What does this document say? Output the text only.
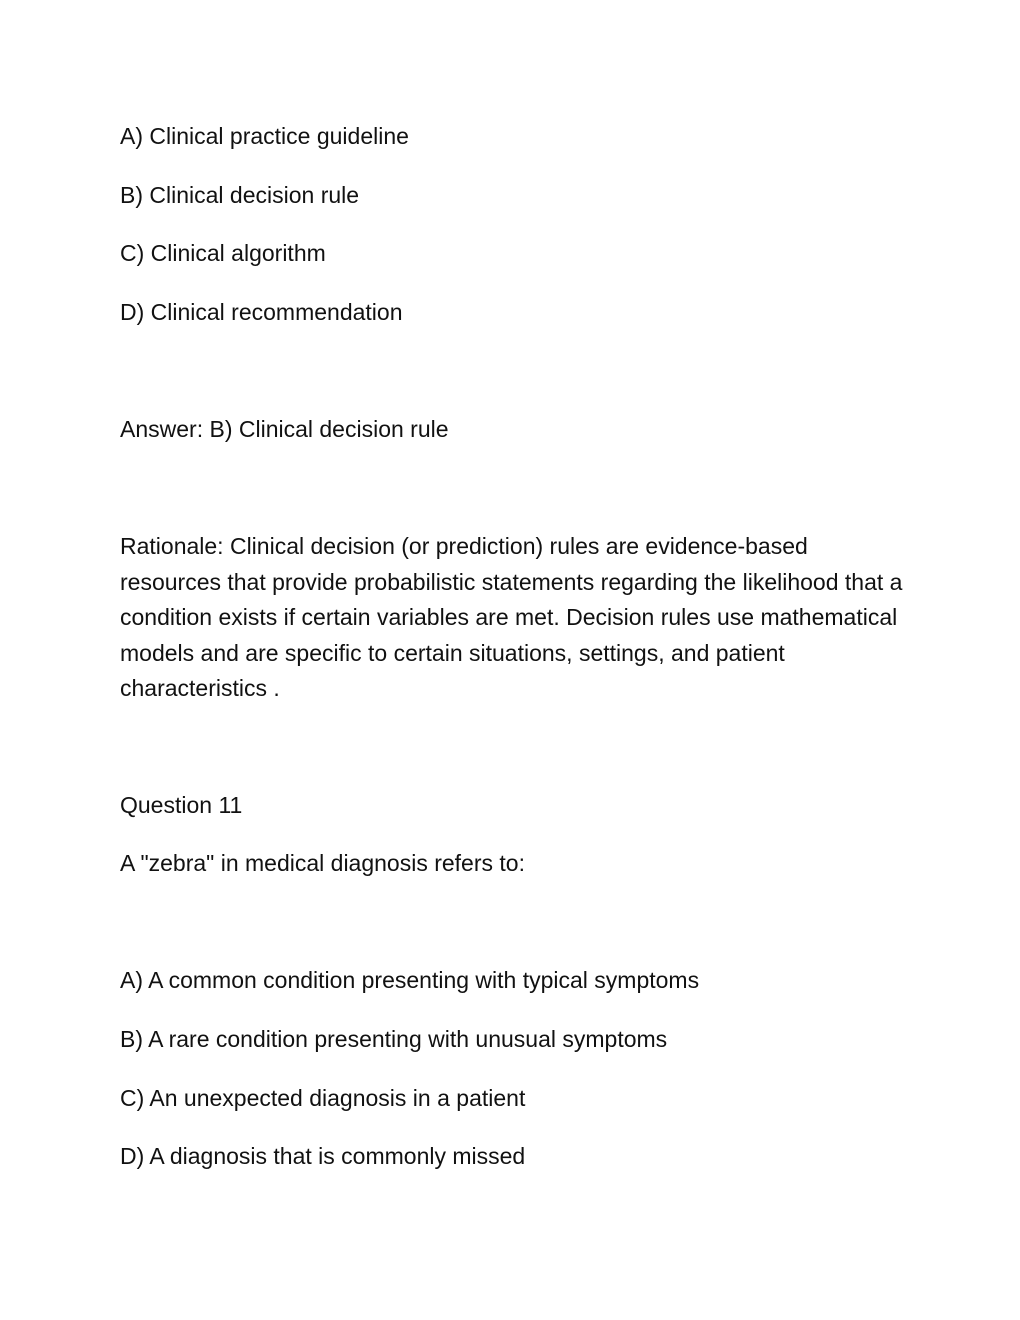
A) Clinical practice guideline
B) Clinical decision rule
C) Clinical algorithm
D) Clinical recommendation
Answer: B) Clinical decision rule
Rationale: Clinical decision (or prediction) rules are evidence-based resources that provide probabilistic statements regarding the likelihood that a condition exists if certain variables are met. Decision rules use mathematical models and are specific to certain situations, settings, and patient characteristics .
Question 11
A "zebra" in medical diagnosis refers to:
A) A common condition presenting with typical symptoms
B) A rare condition presenting with unusual symptoms
C) An unexpected diagnosis in a patient
D) A diagnosis that is commonly missed
